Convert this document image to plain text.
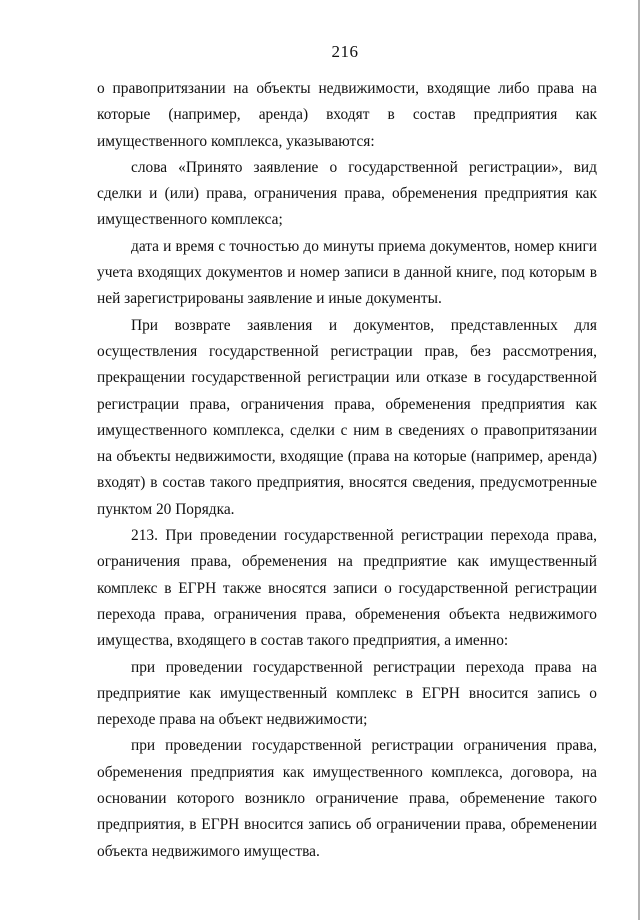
216

о правопритязании на объекты недвижимости, входящие либо права на которые (например, аренда) входят в состав предприятия как имущественного комплекса, указываются:

слова «Принято заявление о государственной регистрации», вид сделки и (или) права, ограничения права, обременения предприятия как имущественного комплекса;

дата и время с точностью до минуты приема документов, номер книги учета входящих документов и номер записи в данной книге, под которым в ней зарегистрированы заявление и иные документы.

При возврате заявления и документов, представленных для осуществления государственной регистрации прав, без рассмотрения, прекращении государственной регистрации или отказе в государственной регистрации права, ограничения права, обременения предприятия как имущественного комплекса, сделки с ним в сведениях о правопритязании на объекты недвижимости, входящие (права на которые (например, аренда) входят) в состав такого предприятия, вносятся сведения, предусмотренные пунктом 20 Порядка.

213. При проведении государственной регистрации перехода права, ограничения права, обременения на предприятие как имущественный комплекс в ЕГРН также вносятся записи о государственной регистрации перехода права, ограничения права, обременения объекта недвижимого имущества, входящего в состав такого предприятия, а именно:

при проведении государственной регистрации перехода права на предприятие как имущественный комплекс в ЕГРН вносится запись о переходе права на объект недвижимости;

при проведении государственной регистрации ограничения права, обременения предприятия как имущественного комплекса, договора, на основании которого возникло ограничение права, обременение такого предприятия, в ЕГРН вносится запись об ограничении права, обременении объекта недвижимого имущества.
